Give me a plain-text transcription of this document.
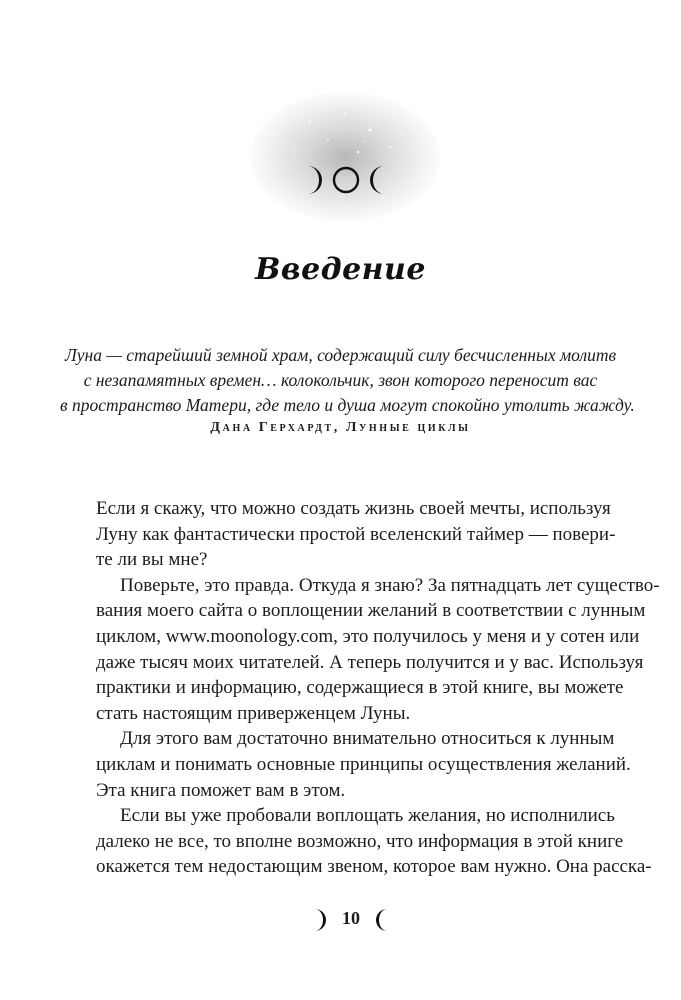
Введение
Луна — старейший земной храм, содержащий силу бесчисленных молитв
с незапамятных времен… колокольчик, звон которого переносит вас
в пространство Матери, где тело и душа могут спокойно утолить жажду.
Дана Герхардт, Лунные циклы
Если я скажу, что можно создать жизнь своей мечты, используя
Луну как фантастически простой вселенский таймер — повери-
те ли вы мне?
Поверьте, это правда. Откуда я знаю? За пятнадцать лет существо-
вания моего сайта о воплощении желаний в соответствии с лунным
циклом, www.moonology.com, это получилось у меня и у сотен или
даже тысяч моих читателей. А теперь получится и у вас. Используя
практики и информацию, содержащиеся в этой книге, вы можете
стать настоящим приверженцем Луны.
Для этого вам достаточно внимательно относиться к лунным
циклам и понимать основные принципы осуществления желаний.
Эта книга поможет вам в этом.
Если вы уже пробовали воплощать желания, но исполнились
далеко не все, то вполне возможно, что информация в этой книге
окажется тем недостающим звеном, которое вам нужно. Она расска-
10
